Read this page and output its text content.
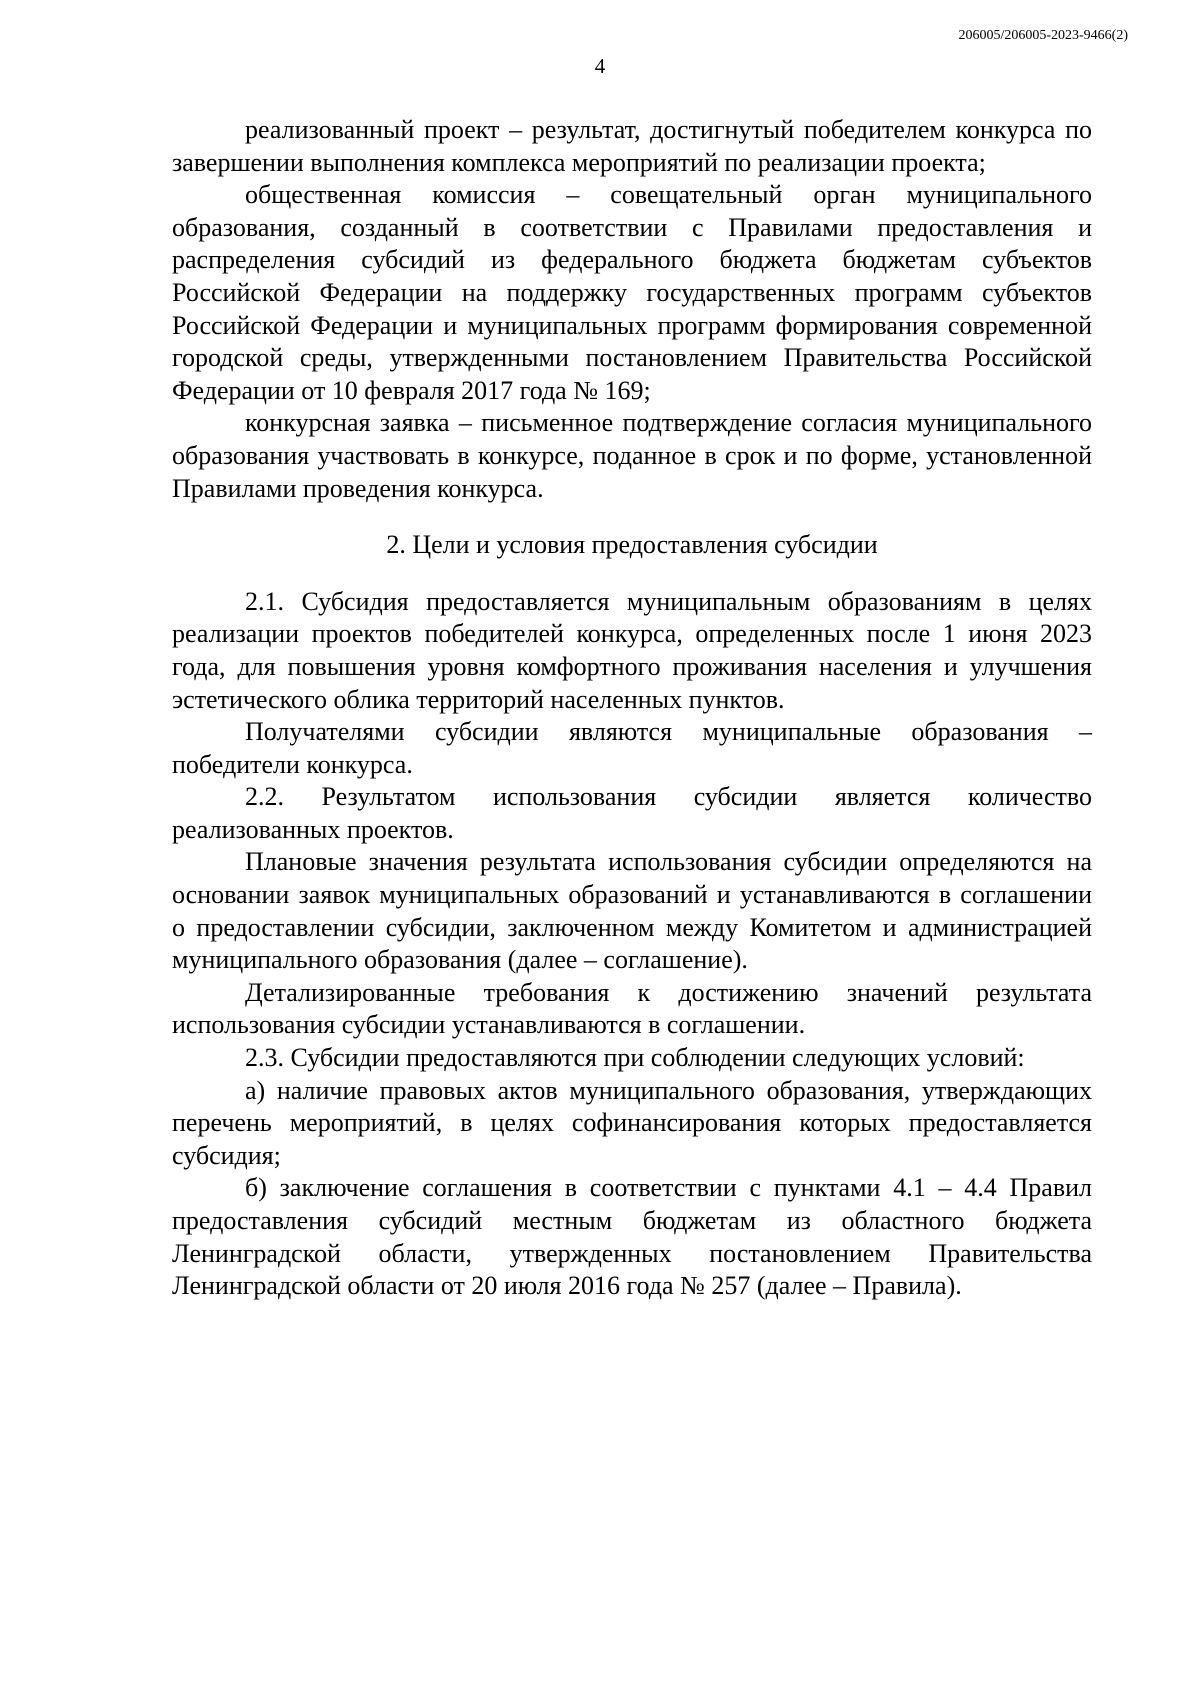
206005/206005-2023-9466(2)
4

реализованный проект – результат, достигнутый победителем конкурса по завершении выполнения комплекса мероприятий по реализации проекта;

общественная комиссия – совещательный орган муниципального образования, созданный в соответствии с Правилами предоставления и распределения субсидий из федерального бюджета бюджетам субъектов Российской Федерации на поддержку государственных программ субъектов Российской Федерации и муниципальных программ формирования современной городской среды, утвержденными постановлением Правительства Российской Федерации от 10 февраля 2017 года № 169;

конкурсная заявка – письменное подтверждение согласия муниципального образования участвовать в конкурсе, поданное в срок и по форме, установленной Правилами проведения конкурса.

2. Цели и условия предоставления субсидии

2.1. Субсидия предоставляется муниципальным образованиям в целях реализации проектов победителей конкурса, определенных после 1 июня 2023 года, для повышения уровня комфортного проживания населения и улучшения эстетического облика территорий населенных пунктов.

Получателями субсидии являются муниципальные образования – победители конкурса.

2.2. Результатом использования субсидии является количество реализованных проектов.

Плановые значения результата использования субсидии определяются на основании заявок муниципальных образований и устанавливаются в соглашении о предоставлении субсидии, заключенном между Комитетом и администрацией муниципального образования (далее – соглашение).

Детализированные требования к достижению значений результата использования субсидии устанавливаются в соглашении.

2.3. Субсидии предоставляются при соблюдении следующих условий:

а) наличие правовых актов муниципального образования, утверждающих перечень мероприятий, в целях софинансирования которых предоставляется субсидия;

б) заключение соглашения в соответствии с пунктами 4.1 – 4.4 Правил предоставления субсидий местным бюджетам из областного бюджета Ленинградской области, утвержденных постановлением Правительства Ленинградской области от 20 июля 2016 года № 257 (далее – Правила).
